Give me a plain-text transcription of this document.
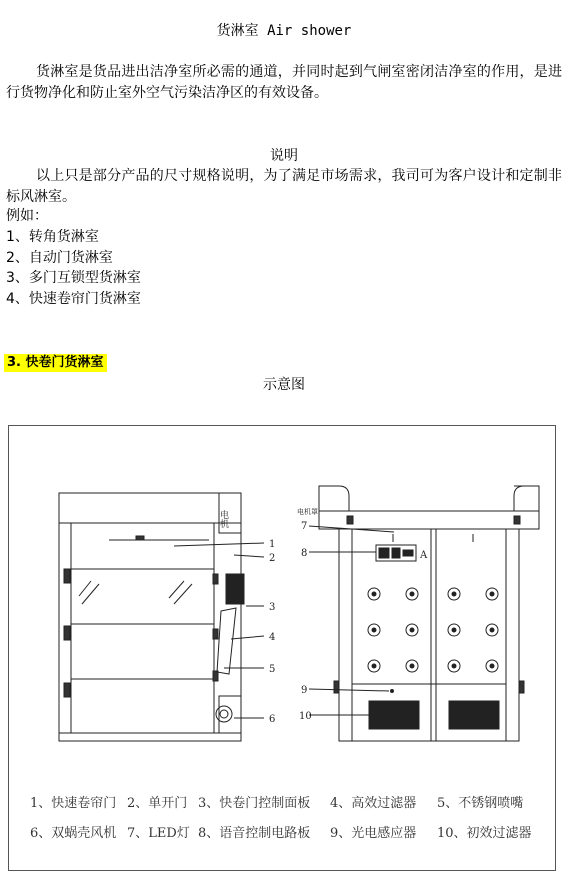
货淋室 Air shower
货淋室是货品进出洁净室所必需的通道，并同时起到气闸室密闭洁净室的作用，是进行货物净化和防止室外空气污染洁净区的有效设备。
说明
以上只是部分产品的尺寸规格说明，为了满足市场需求，我司可为客户设计和定制非标风淋室。
例如：
1、转角货淋室
2、自动门货淋室
3、多门互锁型货淋室
4、快速卷帘门货淋室
3. 快卷门货淋室
示意图
电机	电机罩
A
1
2
3
4
5
6
7
8
9
10
1、快速卷帘门 2、单开门 3、快卷门控制面板 4、高效过滤器 5、不锈钢喷嘴
6、双蜗壳风机 7、LED灯 8、语音控制电路板 9、光电感应器 10、初效过滤器
